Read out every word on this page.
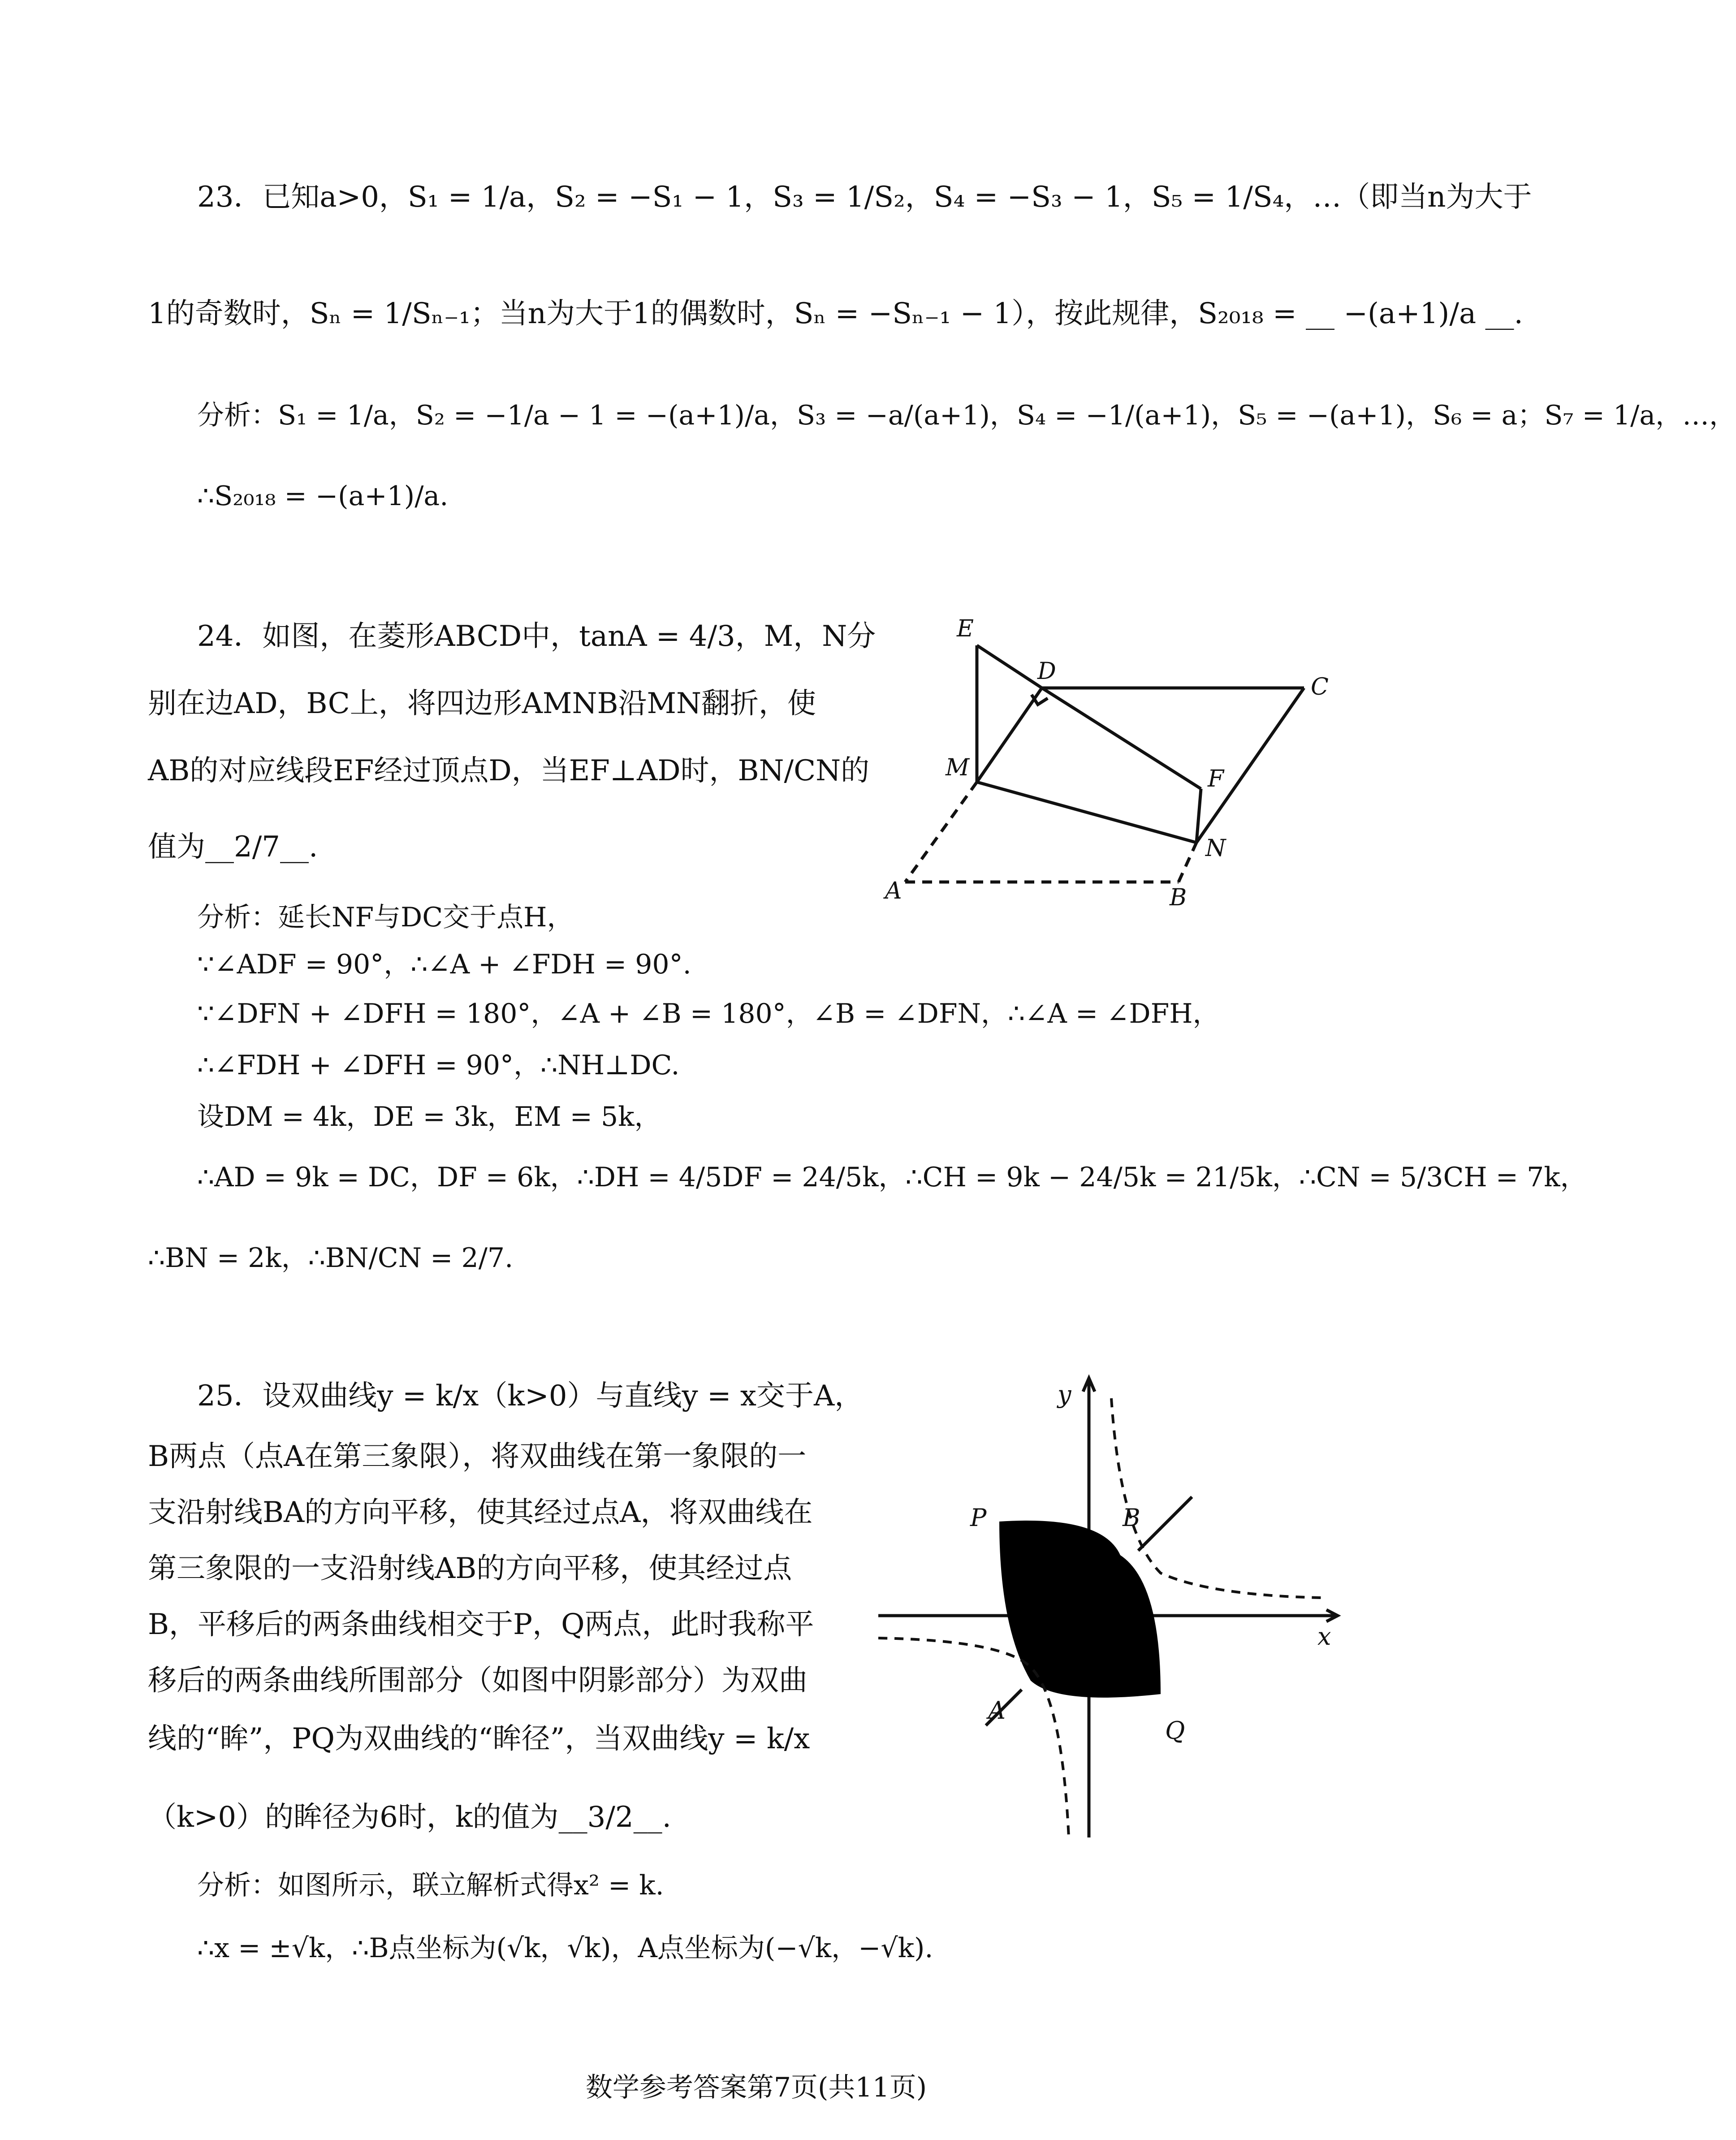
23．已知a>0，S₁ = 1/a，S₂ = −S₁ − 1，S₃ = 1/S₂，S₄ = −S₃ − 1，S₅ = 1/S₄，…（即当n为大于
1的奇数时，Sₙ = 1/Sₙ₋₁；当n为大于1的偶数时，Sₙ = −Sₙ₋₁ − 1），按此规律，S₂₀₁₈ = __ −(a+1)/a __.
分析：S₁ = 1/a，S₂ = −1/a − 1 = −(a+1)/a，S₃ = −a/(a+1)，S₄ = −1/(a+1)，S₅ = −(a+1)，S₆ = a；S₇ = 1/a，…，
∴S₂₀₁₈ = −(a+1)/a.
24．如图，在菱形ABCD中，tanA = 4/3，M，N分
别在边AD，BC上，将四边形AMNB沿MN翻折，使
AB的对应线段EF经过顶点D，当EF⊥AD时，BN/CN的
值为__2/7__.
E
D
C
M	F
N
A	B
分析：延长NF与DC交于点H，
∵∠ADF = 90°，∴∠A + ∠FDH = 90°.
∵∠DFN + ∠DFH = 180°，∠A + ∠B = 180°，∠B = ∠DFN，∴∠A = ∠DFH，
∴∠FDH + ∠DFH = 90°，∴NH⊥DC.
设DM = 4k，DE = 3k，EM = 5k，
∴AD = 9k = DC，DF = 6k，∴DH = 4/5DF = 24/5k，∴CH = 9k − 24/5k = 21/5k，∴CN = 5/3CH = 7k，
∴BN = 2k，∴BN/CN = 2/7.
25．设双曲线y = k/x（k>0）与直线y = x交于A，
B两点（点A在第三象限），将双曲线在第一象限的一
支沿射线BA的方向平移，使其经过点A，将双曲线在
第三象限的一支沿射线AB的方向平移，使其经过点
B，平移后的两条曲线相交于P，Q两点，此时我称平
移后的两条曲线所围部分（如图中阴影部分）为双曲
线的“眸”，PQ为双曲线的“眸径”，当双曲线y = k/x
（k>0）的眸径为6时，k的值为__3/2__.
y
x
P	B
A
Q
分析：如图所示，联立解析式得x² = k.
∴x = ±√k，∴B点坐标为(√k，√k)，A点坐标为(−√k，−√k).
数学参考答案第7页(共11页)
